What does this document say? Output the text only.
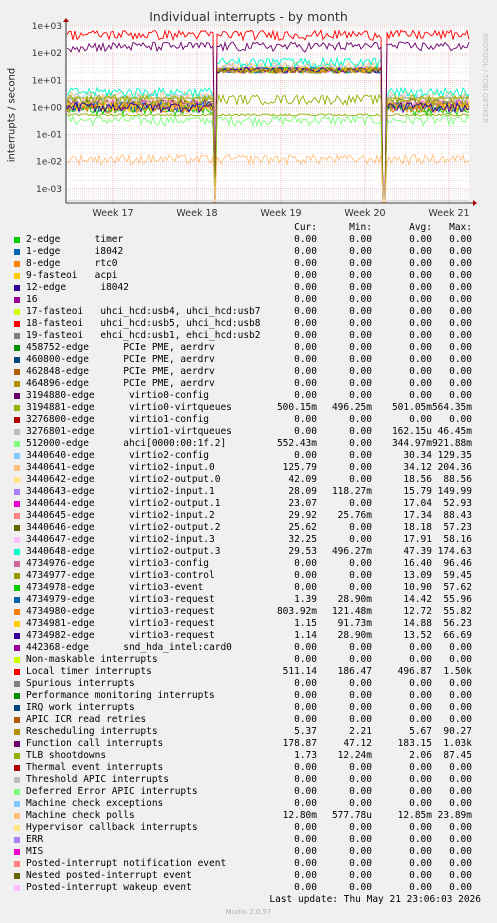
Individual interrupts - by month
interrupts / second	RRDTOOL / TOBI OETIKER
1e+03
1e+02
1e+01
1e+00
1e-01
1e-02
1e-03
Week 17	Week 18	Week 19	Week 20	Week 21
Cur:	Min:	Avg:	Max:
2-edge      timer	0.00	0.00	0.00	0.00
1-edge      i8042	0.00	0.00	0.00	0.00
8-edge      rtc0	0.00	0.00	0.00	0.00
9-fasteoi   acpi	0.00	0.00	0.00	0.00
12-edge      i8042	0.00	0.00	0.00	0.00
16	0.00	0.00	0.00	0.00
17-fasteoi   uhci_hcd:usb4, uhci_hcd:usb7	0.00	0.00	0.00	0.00
18-fasteoi   uhci_hcd:usb5, uhci_hcd:usb8	0.00	0.00	0.00	0.00
19-fasteoi   ehci_hcd:usb1, ehci_hcd:usb2	0.00	0.00	0.00	0.00
458752-edge      PCIe PME, aerdrv	0.00	0.00	0.00	0.00
460800-edge      PCIe PME, aerdrv	0.00	0.00	0.00	0.00
462848-edge      PCIe PME, aerdrv	0.00	0.00	0.00	0.00
464896-edge      PCIe PME, aerdrv	0.00	0.00	0.00	0.00
3194880-edge      virtio0-config	0.00	0.00	0.00	0.00
3194881-edge      virtio0-virtqueues	500.15m	496.25m	501.05m 564.35m
3276800-edge      virtio1-config	0.00	0.00	0.00	0.00
3276801-edge      virtio1-virtqueues	0.00	0.00	162.15u 46.45m
512000-edge      ahci[0000:00:1f.2]	552.43m	0.00	344.97m 921.88m
3440640-edge      virtio2-config	0.00	0.00	30.34 129.35
3440641-edge      virtio2-input.0	125.79	0.00	34.12 204.36
3440642-edge      virtio2-output.0	42.09	0.00	18.56	88.56
3440643-edge      virtio2-input.1	28.09	118.27m	15.79 149.99
3440644-edge      virtio2-output.1	23.07	0.00	17.04	52.93
3440645-edge      virtio2-input.2	29.92	25.76m	17.34	88.43
3440646-edge      virtio2-output.2	25.62	0.00	18.18	57.23
3440647-edge      virtio2-input.3	32.25	0.00	17.91	58.16
3440648-edge      virtio2-output.3	29.53	496.27m	47.39 174.63
4734976-edge      virtio3-config	0.00	0.00	16.40	96.46
4734977-edge      virtio3-control	0.00	0.00	13.09	59.45
4734978-edge      virtio3-event	0.00	0.00	10.90	57.62
4734979-edge      virtio3-request	1.39	28.90m	14.42	55.96
4734980-edge      virtio3-request	803.92m	121.48m	12.72	55.82
4734981-edge      virtio3-request	1.15	91.73m	14.88	56.23
4734982-edge      virtio3-request	1.14	28.90m	13.52	66.69
442368-edge      snd_hda_intel:card0	0.00	0.00	0.00	0.00
Non-maskable interrupts	0.00	0.00	0.00	0.00
Local timer interrupts	511.14	186.47	496.87	1.50k
Spurious interrupts	0.00	0.00	0.00	0.00
Performance monitoring interrupts	0.00	0.00	0.00	0.00
IRQ work interrupts	0.00	0.00	0.00	0.00
APIC ICR read retries	0.00	0.00	0.00	0.00
Rescheduling interrupts	5.37	2.21	5.67	90.27
Function call interrupts	178.87	47.12	183.15	1.03k
TLB shootdowns	1.73	12.24m	2.06	87.45
Thermal event interrupts	0.00	0.00	0.00	0.00
Threshold APIC interrupts	0.00	0.00	0.00	0.00
Deferred Error APIC interrupts	0.00	0.00	0.00	0.00
Machine check exceptions	0.00	0.00	0.00	0.00
Machine check polls	12.80m	577.78u	12.85m 23.89m
Hypervisor callback interrupts	0.00	0.00	0.00	0.00
ERR	0.00	0.00	0.00	0.00
MIS	0.00	0.00	0.00	0.00
Posted-interrupt notification event	0.00	0.00	0.00	0.00
Nested posted-interrupt event	0.00	0.00	0.00	0.00
Posted-interrupt wakeup event	0.00	0.00	0.00	0.00
Last update: Thu May 21 23:06:03 2026
Munin 2.0.57
